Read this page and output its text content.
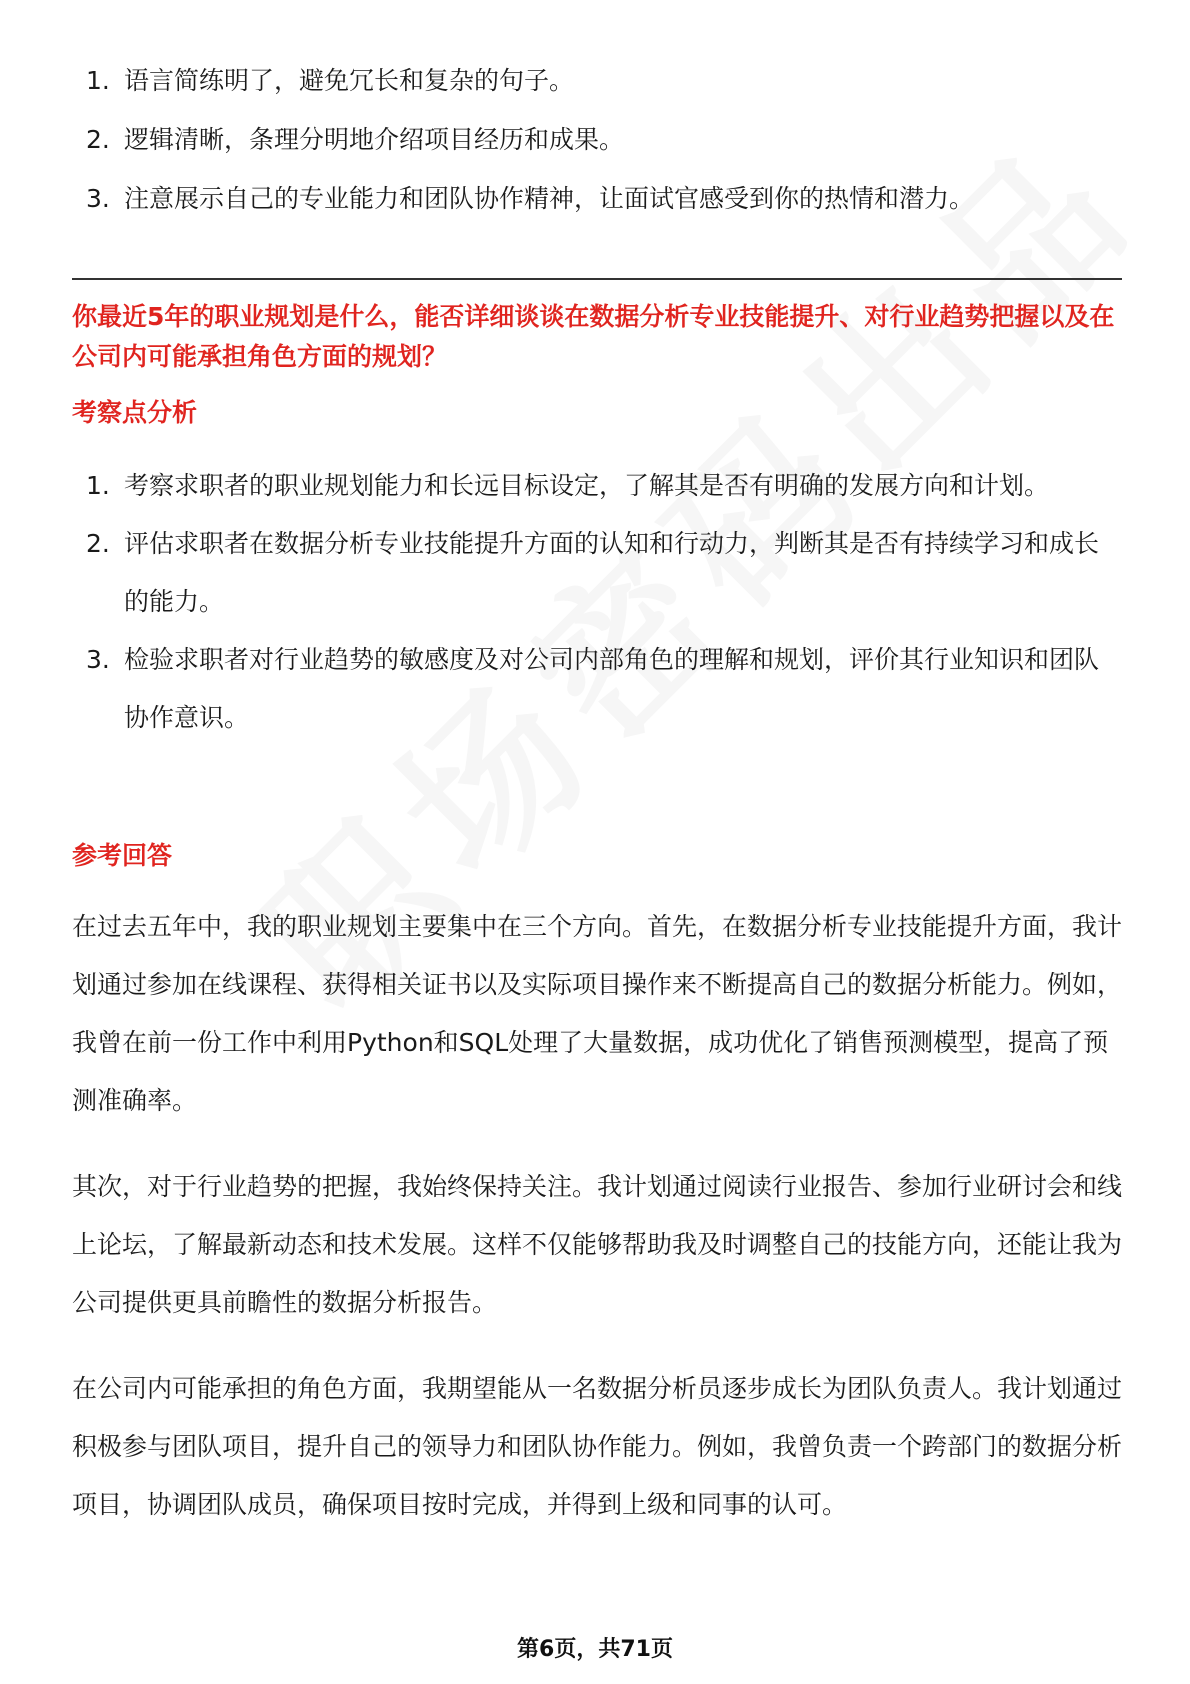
1. 语言简练明了，避免冗长和复杂的句子。
2. 逻辑清晰，条理分明地介绍项目经历和成果。
3. 注意展示自己的专业能力和团队协作精神，让面试官感受到你的热情和潜力。
你最近5年的职业规划是什么，能否详细谈谈在数据分析专业技能提升、对行业趋势把握以及在公司内可能承担角色方面的规划？
考察点分析
1. 考察求职者的职业规划能力和长远目标设定，了解其是否有明确的发展方向和计划。
2. 评估求职者在数据分析专业技能提升方面的认知和行动力，判断其是否有持续学习和成长的能力。
3. 检验求职者对行业趋势的敏感度及对公司内部角色的理解和规划，评价其行业知识和团队协作意识。
参考回答

在过去五年中，我的职业规划主要集中在三个方向。首先，在数据分析专业技能提升方面，我计划通过参加在线课程、获得相关证书以及实际项目操作来不断提高自己的数据分析能力。例如，我曾在前一份工作中利用Python和SQL处理了大量数据，成功优化了销售预测模型，提高了预测准确率。

其次，对于行业趋势的把握，我始终保持关注。我计划通过阅读行业报告、参加行业研讨会和线上论坛，了解最新动态和技术发展。这样不仅能够帮助我及时调整自己的技能方向，还能让我为公司提供更具前瞻性的数据分析报告。

在公司内可能承担的角色方面，我期望能从一名数据分析员逐步成长为团队负责人。我计划通过积极参与团队项目，提升自己的领导力和团队协作能力。例如，我曾负责一个跨部门的数据分析项目，协调团队成员，确保项目按时完成，并得到上级和同事的认可。

第6页，共71页
